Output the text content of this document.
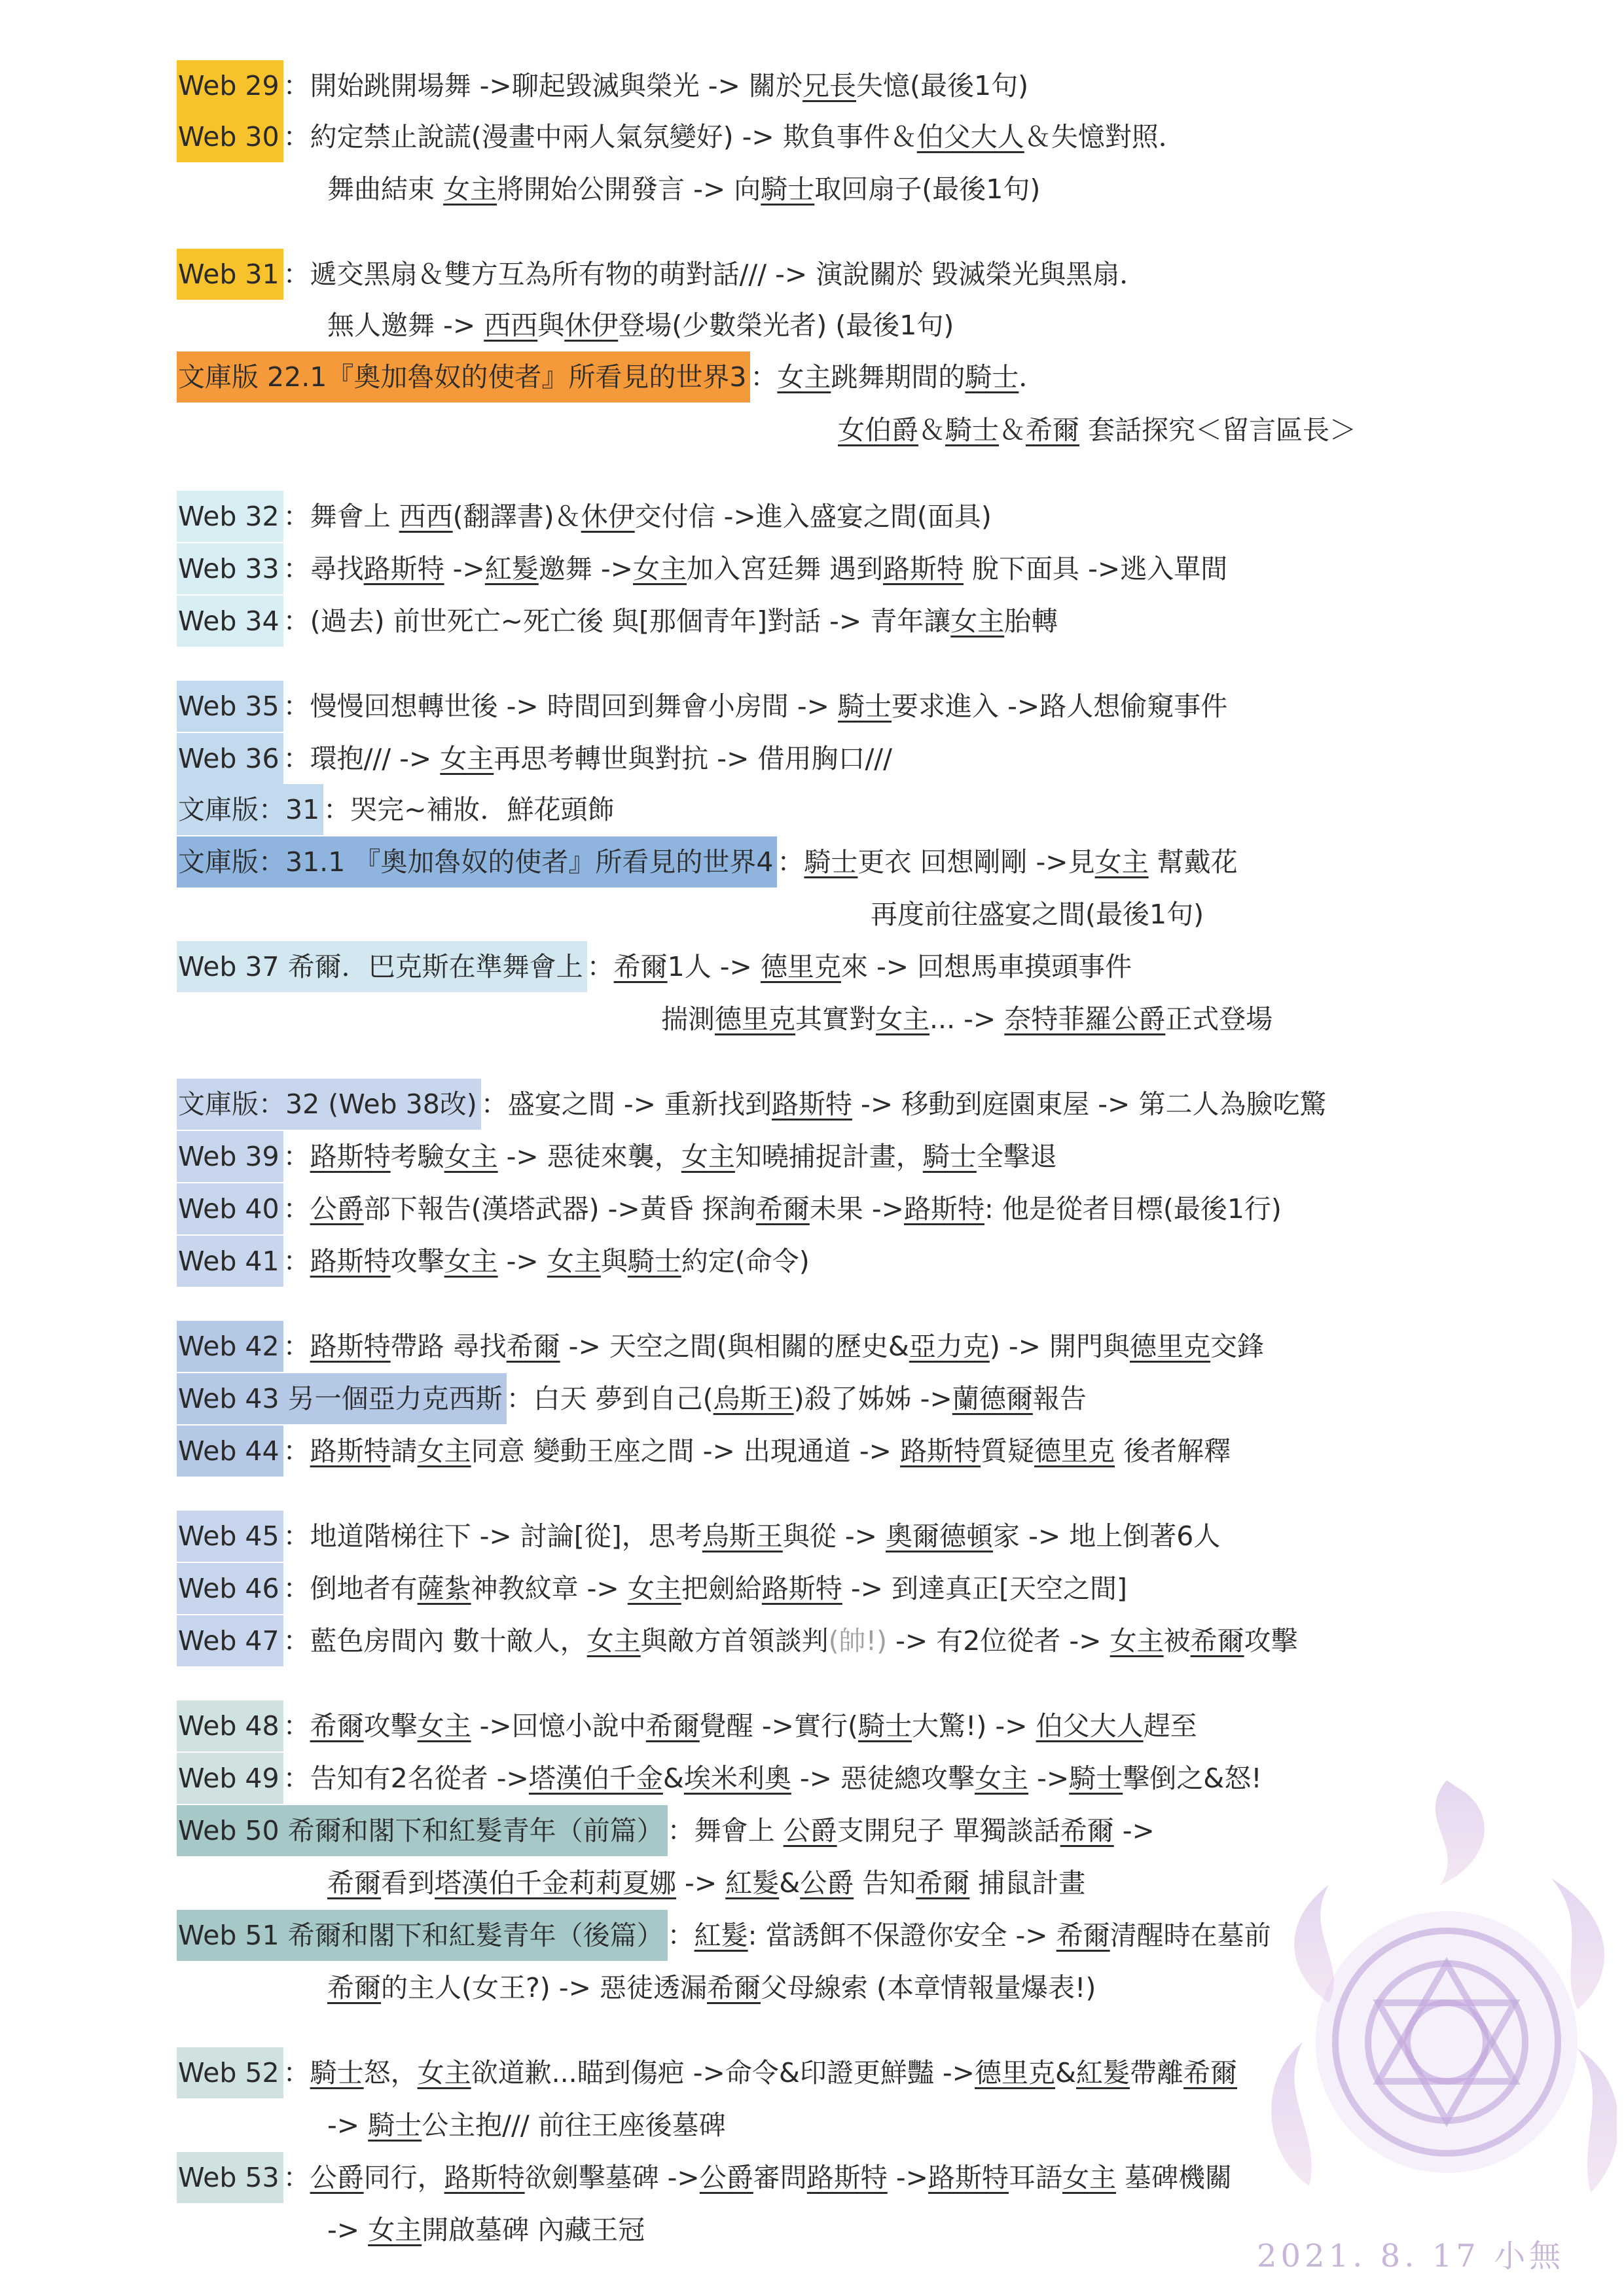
Web 29 ：開始跳開場舞 ->聊起毀滅與榮光 -> 關於兄長失憶(最後1句)
Web 30 ：約定禁止說謊(漫畫中兩人氣氛變好) -> 欺負事件＆伯父大人＆失憶對照．
舞曲結束 女主將開始公開發言 -> 向騎士取回扇子(最後1句)
Web 31 ：遞交黑扇＆雙方互為所有物的萌對話/// -> 演說關於 毀滅榮光與黑扇．
無人邀舞 -> 西西與休伊登場(少數榮光者) (最後1句)
文庫版 22.1『奧加魯奴的使者』所看見的世界3 ：女主跳舞期間的騎士．
女伯爵＆騎士＆希爾 套話探究＜留言區長＞
Web 32 ：舞會上 西西(翻譯書)＆休伊交付信 ->進入盛宴之間(面具)
Web 33 ：尋找路斯特 ->紅髮邀舞 ->女主加入宮廷舞 遇到路斯特 脫下面具 ->逃入單間
Web 34 ：(過去) 前世死亡~死亡後 與[那個青年]對話 -> 青年讓女主胎轉
Web 35 ：慢慢回想轉世後 -> 時間回到舞會小房間 -> 騎士要求進入 ->路人想偷窺事件
Web 36 ：環抱/// -> 女主再思考轉世與對抗 -> 借用胸口///
文庫版：31 ：哭完~補妝．鮮花頭飾
文庫版：31.1 『奧加魯奴的使者』所看見的世界4 ：騎士更衣 回想剛剛 ->見女主 幫戴花
再度前往盛宴之間(最後1句)
Web 37 希爾．巴克斯在準舞會上 ：希爾1人 -> 德里克來 -> 回想馬車摸頭事件
揣測德里克其實對女主... -> 奈特菲羅公爵正式登場
文庫版：32 (Web 38改) ：盛宴之間 -> 重新找到路斯特 -> 移動到庭園東屋 -> 第二人為臉吃驚
Web 39 ：路斯特考驗女主 -> 惡徒來襲，女主知曉捕捉計畫，騎士全擊退
Web 40 ：公爵部下報告(漢塔武器) ->黃昏 探詢希爾未果 ->路斯特: 他是從者目標(最後1行)
Web 41 ：路斯特攻擊女主 -> 女主與騎士約定(命令)
Web 42 ：路斯特帶路 尋找希爾 -> 天空之間(與相關的歷史&亞力克) -> 開門與德里克交鋒
Web 43 另一個亞力克西斯 ：白天 夢到自己(烏斯王)殺了姊姊 ->蘭德爾報告
Web 44 ：路斯特請女主同意 變動王座之間 -> 出現通道 -> 路斯特質疑德里克 後者解釋
Web 45 ：地道階梯往下 -> 討論[從]，思考烏斯王與從 -> 奧爾德頓家 -> 地上倒著6人
Web 46 ：倒地者有薩紮神教紋章 -> 女主把劍給路斯特 -> 到達真正[天空之間]
Web 47 ：藍色房間內 數十敵人，女主與敵方首領談判(帥!) -> 有2位從者 -> 女主被希爾攻擊
Web 48 ：希爾攻擊女主 ->回憶小說中希爾覺醒 ->實行(騎士大驚!) -> 伯父大人趕至
Web 49 ：告知有2名從者 ->塔漢伯千金&埃米利奧 -> 惡徒總攻擊女主 ->騎士擊倒之&怒!
Web 50 希爾和閣下和紅髮青年（前篇） ：舞會上 公爵支開兒子 單獨談話希爾 ->
希爾看到塔漢伯千金莉莉夏娜 -> 紅髮&公爵 告知希爾 捕鼠計畫
Web 51 希爾和閣下和紅髮青年（後篇） ：紅髮: 當誘餌不保證你安全 -> 希爾清醒時在墓前
希爾的主人(女王?) -> 惡徒透漏希爾父母線索 (本章情報量爆表!)
Web 52 ：騎士怒，女主欲道歉...瞄到傷疤 ->命令&印證更鮮豔 ->德里克&紅髮帶離希爾
-> 騎士公主抱/// 前往王座後墓碑
Web 53 ：公爵同行，路斯特欲劍擊墓碑 ->公爵審問路斯特 ->路斯特耳語女主 墓碑機關
-> 女主開啟墓碑 內藏王冠
2021. 8. 17 小無
